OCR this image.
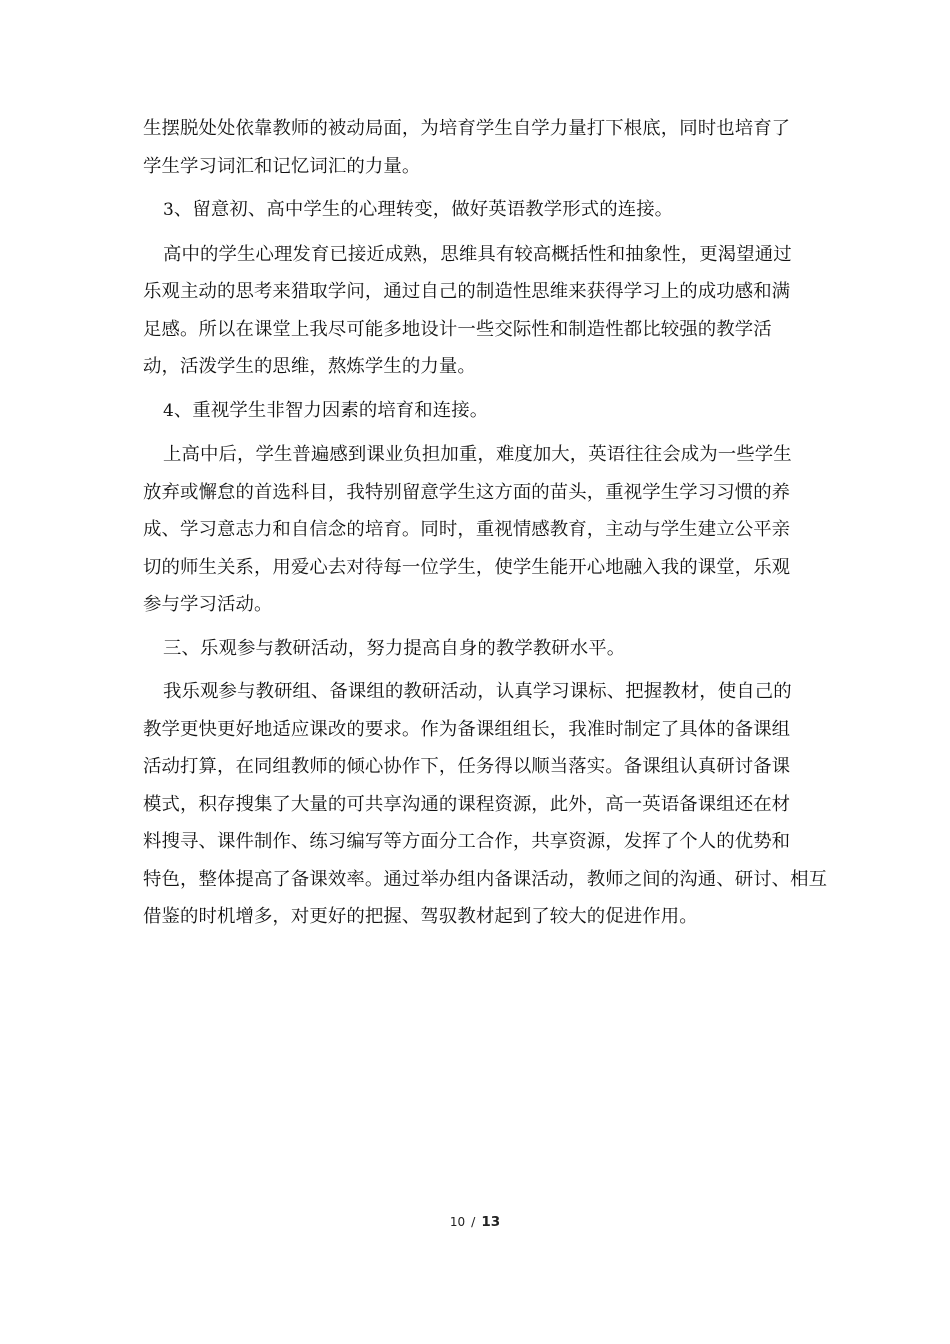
生摆脱处处依靠教师的被动局面，为培育学生自学力量打下根底，同时也培育了
学生学习词汇和记忆词汇的力量。

3、留意初、高中学生的心理转变，做好英语教学形式的连接。

高中的学生心理发育已接近成熟，思维具有较高概括性和抽象性，更渴望通过
乐观主动的思考来猎取学问，通过自己的制造性思维来获得学习上的成功感和满
足感。所以在课堂上我尽可能多地设计一些交际性和制造性都比较强的教学活
动，活泼学生的思维，熬炼学生的力量。

4、重视学生非智力因素的培育和连接。

上高中后，学生普遍感到课业负担加重，难度加大，英语往往会成为一些学生
放弃或懈怠的首选科目，我特别留意学生这方面的苗头，重视学生学习习惯的养
成、学习意志力和自信念的培育。同时，重视情感教育，主动与学生建立公平亲
切的师生关系，用爱心去对待每一位学生，使学生能开心地融入我的课堂，乐观
参与学习活动。

三、乐观参与教研活动，努力提高自身的教学教研水平。

我乐观参与教研组、备课组的教研活动，认真学习课标、把握教材，使自己的
教学更快更好地适应课改的要求。作为备课组组长，我准时制定了具体的备课组
活动打算，在同组教师的倾心协作下，任务得以顺当落实。备课组认真研讨备课
模式，积存搜集了大量的可共享沟通的课程资源，此外，高一英语备课组还在材
料搜寻、课件制作、练习编写等方面分工合作，共享资源，发挥了个人的优势和
特色，整体提高了备课效率。通过举办组内备课活动，教师之间的沟通、研讨、相互
借鉴的时机增多，对更好的把握、驾驭教材起到了较大的促进作用。

10 / 13
